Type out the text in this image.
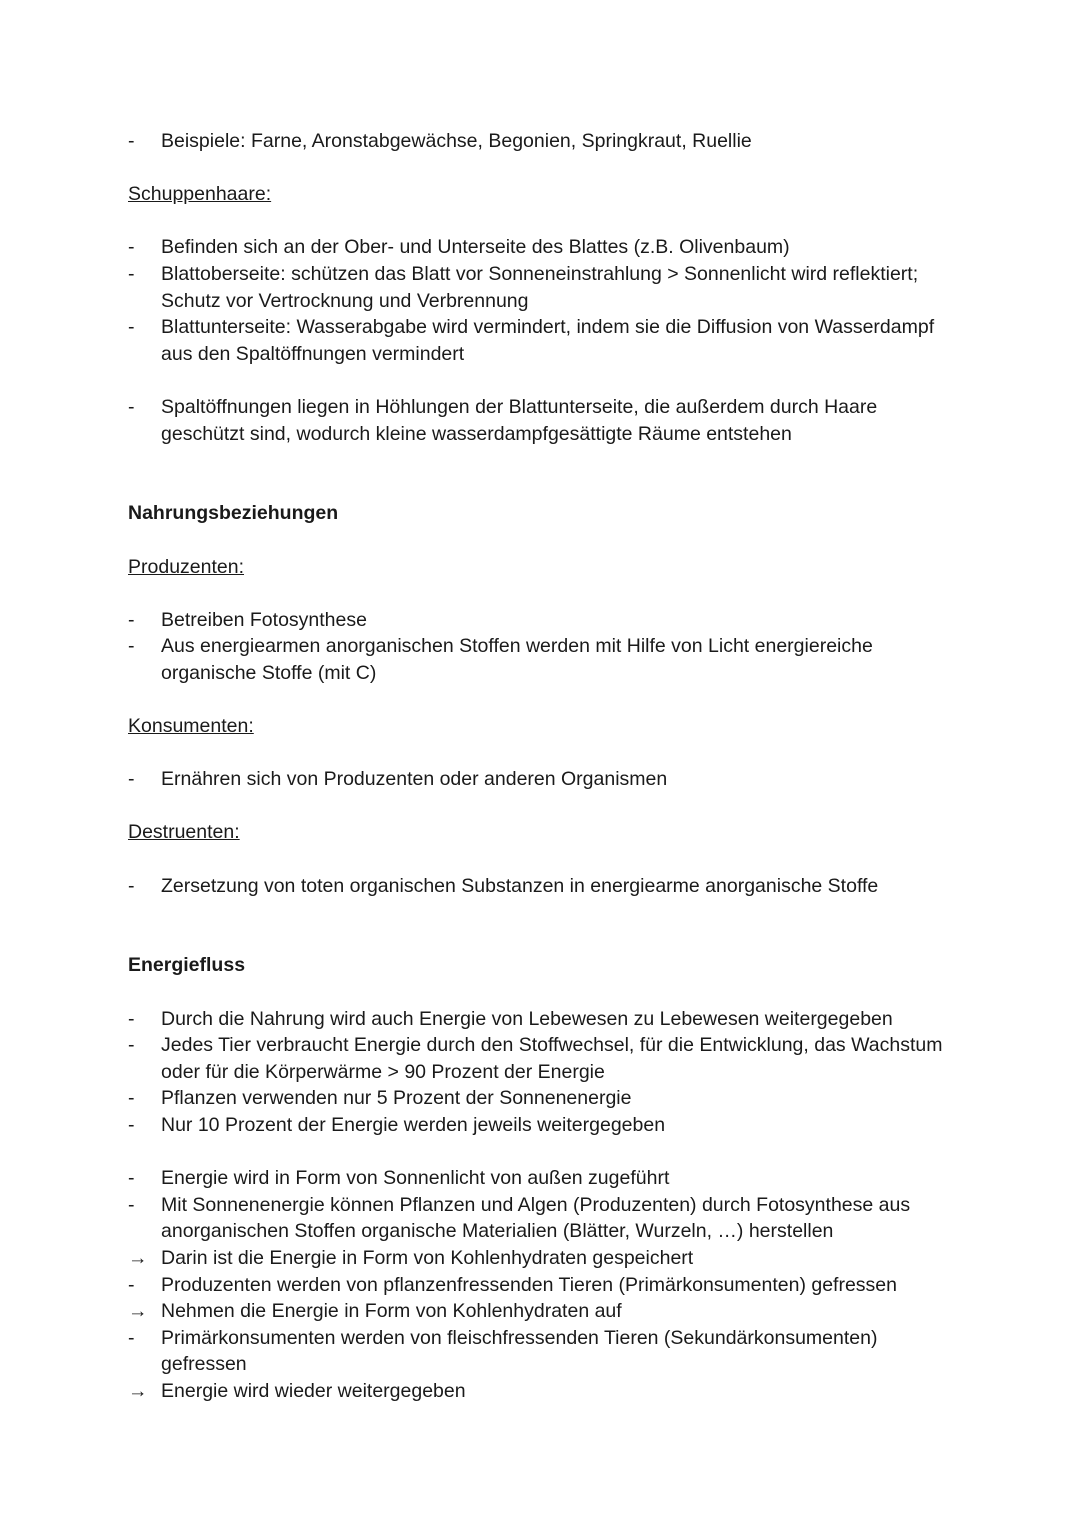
-	Beispiele: Farne, Aronstabgewächse, Begonien, Springkraut, Ruellie
Schuppenhaare:
-	Befinden sich an der Ober- und Unterseite des Blattes (z.B. Olivenbaum)
-	Blattoberseite: schützen das Blatt vor Sonneneinstrahlung > Sonnenlicht wird reflektiert; Schutz vor Vertrocknung und Verbrennung
-	Blattunterseite: Wasserabgabe wird vermindert, indem sie die Diffusion von Wasserdampf aus den Spaltöffnungen vermindert
-	Spaltöffnungen liegen in Höhlungen der Blattunterseite, die außerdem durch Haare geschützt sind, wodurch kleine wasserdampfgesättigte Räume entstehen
Nahrungsbeziehungen
Produzenten:
-	Betreiben Fotosynthese
-	Aus energiearmen anorganischen Stoffen werden mit Hilfe von Licht energiereiche organische Stoffe (mit C)
Konsumenten:
-	Ernähren sich von Produzenten oder anderen Organismen
Destruenten:
-	Zersetzung von toten organischen Substanzen in energiearme anorganische Stoffe
Energiefluss
-	Durch die Nahrung wird auch Energie von Lebewesen zu Lebewesen weitergegeben
-	Jedes Tier verbraucht Energie durch den Stoffwechsel, für die Entwicklung, das Wachstum oder für die Körperwärme > 90 Prozent der Energie
-	Pflanzen verwenden nur 5 Prozent der Sonnenenergie
-	Nur 10 Prozent der Energie werden jeweils weitergegeben
-	Energie wird in Form von Sonnenlicht von außen zugeführt
-	Mit Sonnenenergie können Pflanzen und Algen (Produzenten) durch Fotosynthese aus anorganischen Stoffen organische Materialien (Blätter, Wurzeln, …) herstellen
→ Darin ist die Energie in Form von Kohlenhydraten gespeichert
-	Produzenten werden von pflanzenfressenden Tieren (Primärkonsumenten) gefressen
→ Nehmen die Energie in Form von Kohlenhydraten auf
-	Primärkonsumenten werden von fleischfressenden Tieren (Sekundärkonsumenten) gefressen
→ Energie wird wieder weitergegeben
